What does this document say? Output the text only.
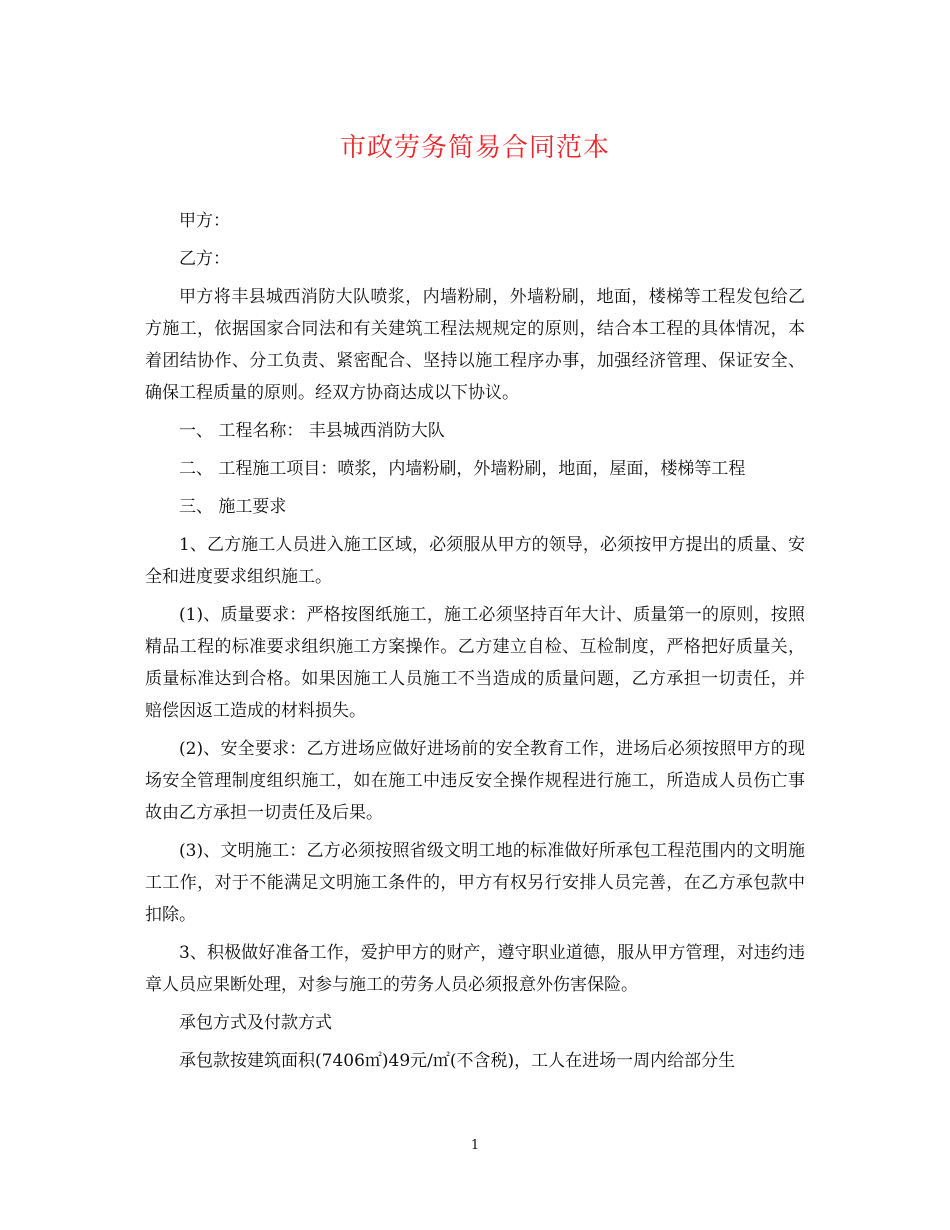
市政劳务简易合同范本

甲方：

乙方：

甲方将丰县城西消防大队喷浆，内墙粉刷，外墙粉刷，地面，楼梯等工程发包给乙方施工，依据国家合同法和有关建筑工程法规规定的原则，结合本工程的具体情况，本着团结协作、分工负责、紧密配合、坚持以施工程序办事，加强经济管理、保证安全、确保工程质量的原则。经双方协商达成以下协议。

一、 工程名称： 丰县城西消防大队

二、 工程施工项目：喷浆，内墙粉刷，外墙粉刷，地面，屋面，楼梯等工程

三、 施工要求

1、乙方施工人员进入施工区域，必须服从甲方的领导，必须按甲方提出的质量、安全和进度要求组织施工。

(1)、质量要求：严格按图纸施工，施工必须坚持百年大计、质量第一的原则，按照精品工程的标准要求组织施工方案操作。乙方建立自检、互检制度，严格把好质量关，质量标准达到合格。如果因施工人员施工不当造成的质量问题，乙方承担一切责任，并赔偿因返工造成的材料损失。

(2)、安全要求：乙方进场应做好进场前的安全教育工作，进场后必须按照甲方的现场安全管理制度组织施工，如在施工中违反安全操作规程进行施工，所造成人员伤亡事故由乙方承担一切责任及后果。

(3)、文明施工：乙方必须按照省级文明工地的标准做好所承包工程范围内的文明施工工作，对于不能满足文明施工条件的，甲方有权另行安排人员完善，在乙方承包款中扣除。

3、积极做好准备工作，爱护甲方的财产，遵守职业道德，服从甲方管理，对违约违章人员应果断处理，对参与施工的劳务人员必须报意外伤害保险。

承包方式及付款方式

承包款按建筑面积(7406㎡)49元/㎡(不含税)，工人在进场一周内给部分生

1
